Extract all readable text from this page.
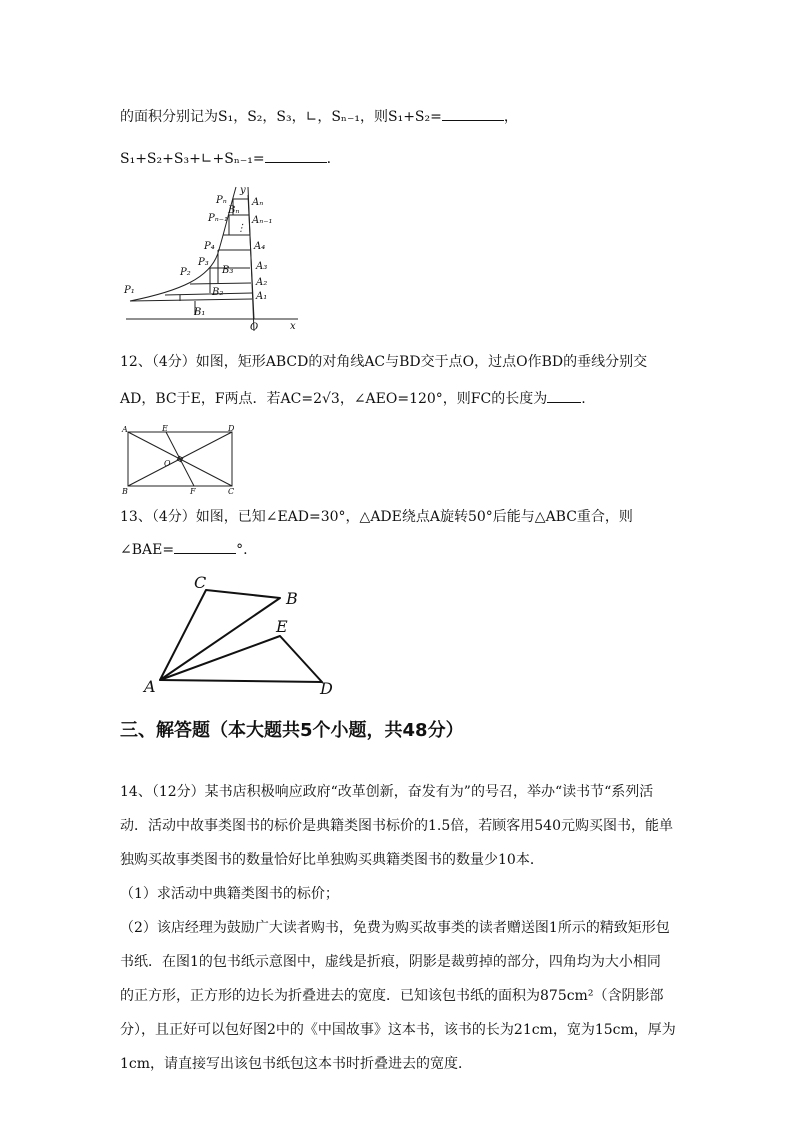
的面积分别记为S₁，S₂，S₃，∟，Sₙ₋₁，则S₁+S₂=	，
S₁+S₂+S₃+∟+Sₙ₋₁=	.
y
x
O
Pₙ
Pₙ₋₁
P₄
P₃
P₂
P₁
Bₙ
⋮
B₃
B₂
B₁
Aₙ
Aₙ₋₁
A₄
A₃
A₂
A₁
12、（4分）如图，矩形ABCD的对角线AC与BD交于点O，过点O作BD的垂线分别交
AD，BC于E，F两点．若AC=2√3，∠AEO=120°，则FC的长度为 .
A	E	D
O
B	F	C
13、（4分）如图，已知∠EAD=30°，△ADE绕点A旋转50°后能与△ABC重合，则
∠BAE=	°.
C
B
E
A	D
三、解答题（本大题共5个小题，共48分）
14、（12分）某书店积极响应政府“改革创新，奋发有为”的号召，举办“读书节“系列活
动．活动中故事类图书的标价是典籍类图书标价的1.5倍，若顾客用540元购买图书，能单
独购买故事类图书的数量恰好比单独购买典籍类图书的数量少10本．
（1）求活动中典籍类图书的标价；
（2）该店经理为鼓励广大读者购书，免费为购买故事类的读者赠送图1所示的精致矩形包
书纸．在图1的包书纸示意图中，虚线是折痕，阴影是裁剪掉的部分，四角均为大小相同
的正方形，正方形的边长为折叠进去的宽度．已知该包书纸的面积为875cm²（含阴影部
分），且正好可以包好图2中的《中国故事》这本书，该书的长为21cm，宽为15cm，厚为
1cm，请直接写出该包书纸包这本书时折叠进去的宽度．
